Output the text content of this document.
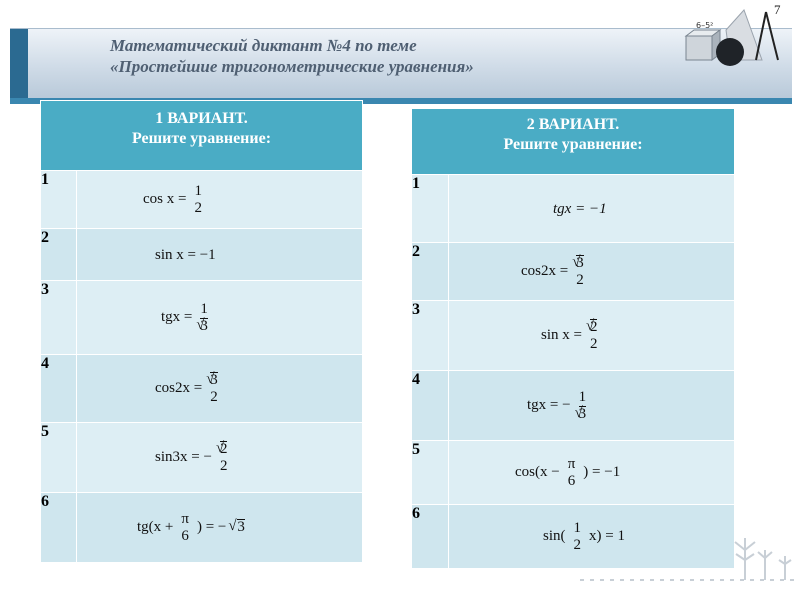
Математический диктант №4 по теме
«Простейшие тригонометрические уравнения»
6–5²
7
1 ВАРИАНТ.
Решите уравнение:	

1	cos x =
1
2

2	sin x = −1
3	tgx =
1
√ 3

4	cos2x =
√ 3
2

5	sin3x = −
√ 2
2

6	tg(x +
π
6
) = − √ 3
2 ВАРИАНТ.
Решите уравнение:	

1	tgx = −1
2	cos2x =
√ 3
2

3	sin x =
√ 2
2

4	tgx = −
1
√ 3

5	cos(x −
π
6
) = −1

6	sin(
1
2
x) = 1
